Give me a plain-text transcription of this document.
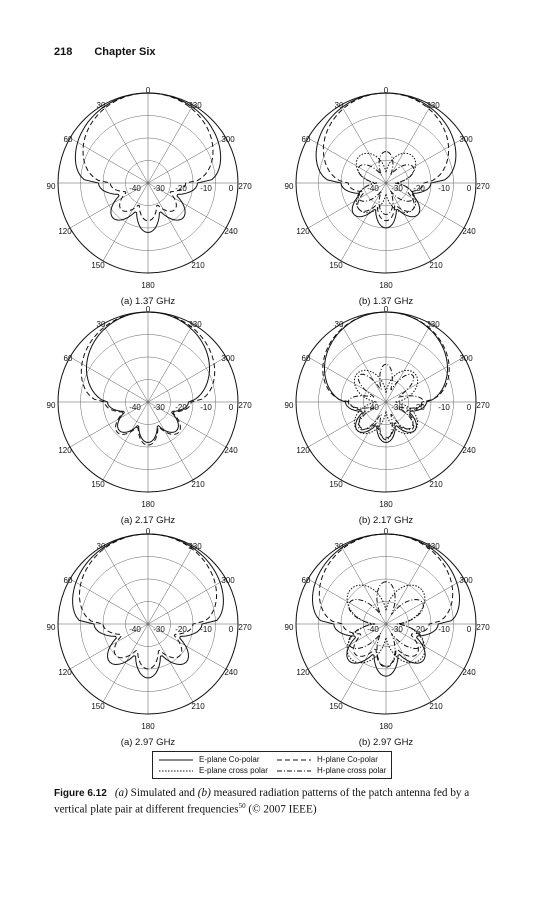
218 Chapter Six
0
30
60
90
120
150
180
210
240
270
300
330
-40 -30 -20 -10 0
(a) 1.37 GHz
0
30
60
90
120
150
180
210
240
270
300
330
-40 -30 -20 -10 0
(b) 1.37 GHz
0
30
60
90
120
150
180
210
240
270
300
330
-40 -30 -20 -10 0
(a) 2.17 GHz
0
30
60
90
120
150
180
210
240
270
300
330
-40 -30 -20 -10 0
(b) 2.17 GHz
0
30
60
90
120
150
180
210
240
270
300
330
-40 -30 -20 -10 0
(a) 2.97 GHz
0
30
60
90
120
150
180
210
240
270
300
330
-40 -30 -20 -10 0
(b) 2.97 GHz
E-plane Co-polar
E-plane cross polar
H-plane Co-polar
H-plane cross polar
Figure 6.12 (a) Simulated and (b) measured radiation patterns of the patch antenna fed by a vertical plate pair at different frequencies$^{50}$ (© 2007 IEEE)
